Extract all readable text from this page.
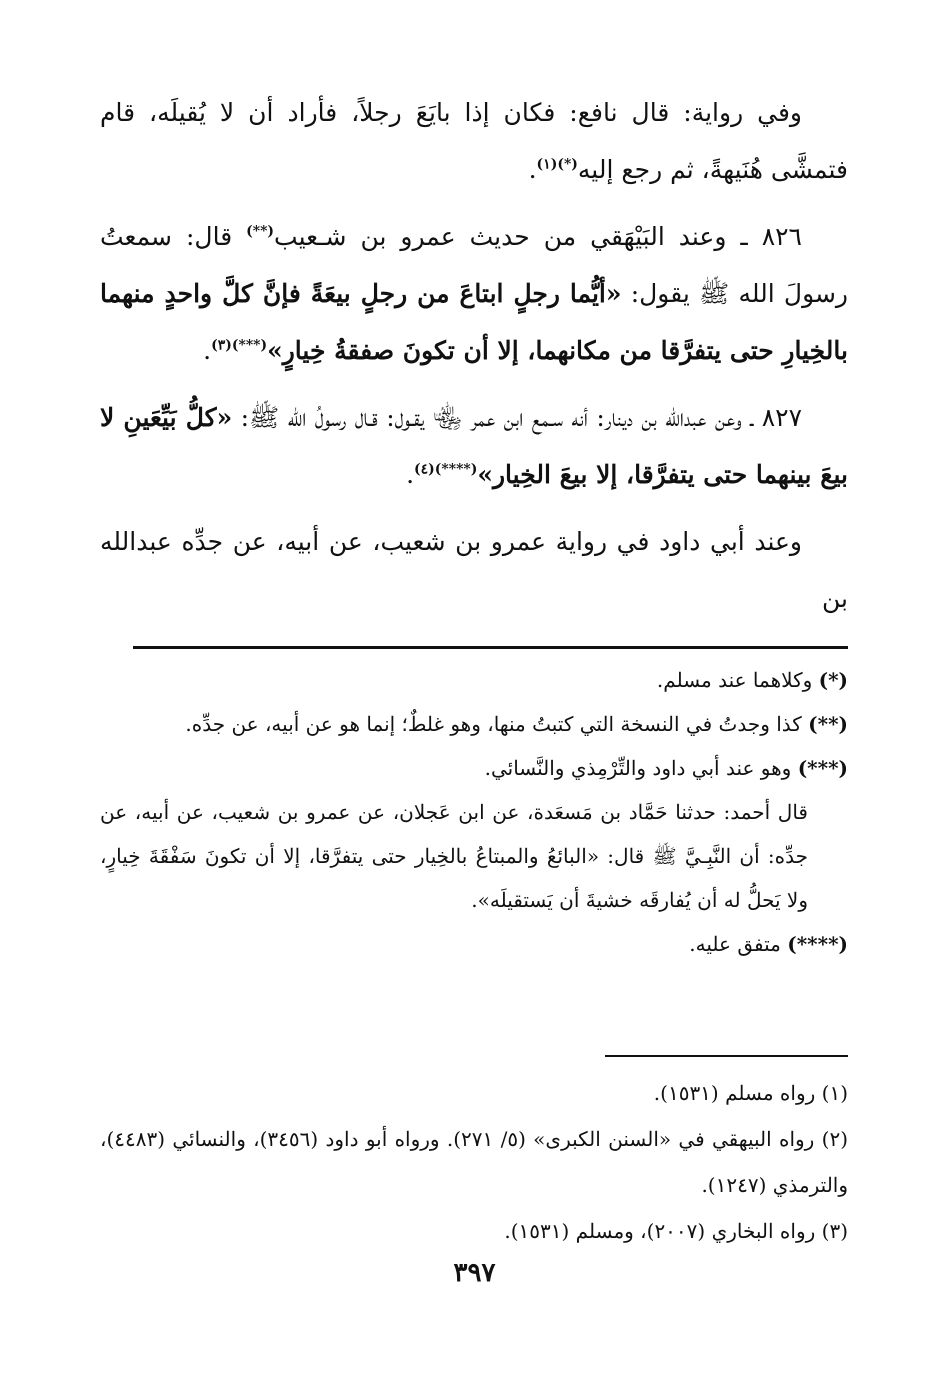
وفي رواية: قال نافع: فكان إذا بايَعَ رجلاً، فأراد أن لا يُقيلَه، قام فتمشَّى هُنَيهةً، ثم رجع إليه$^{(*)(١)}$.

٨٢٦ ـ وعند البَيْهَقي من حديث عمرو بن شـعيب(**) قال: سمعتُ رسولَ الله ﷺ يقول: «أيُّما رجلٍ ابتاعَ من رجلٍ بيعَةً فإنَّ كلَّ واحدٍ منهما بالخِيارِ حتى يتفرَّقا من مكانهما، إلا أن تكونَ صفقةُ خِيارٍ»$^{(***)(٣)}$.

٨٢٧ ـ وعن عبدالله بن دينار: أنه سـمع ابن عمر ﵄ يقـول: قـال رسولُ الله ﷺ: «كلُّ بَيِّعَينِ لا بيعَ بينهما حتى يتفرَّقا، إلا بيعَ الخِيار»$^{(****)(٤)}$.

وعند أبي داود في رواية عمرو بن شعيب، عن أبيه، عن جدِّه عبدالله بن

(*) وكلاهما عند مسلم.

(**) كذا وجدتُ في النسخة التي كتبتُ منها، وهو غلطٌ؛ إنما هو عن أبيه، عن جدِّه.

(***) وهو عند أبي داود والتِّرْمِذي والنَّسائي.

قال أحمد: حدثنا حَمَّاد بن مَسعَدة، عن ابن عَجلان، عن عمرو بن شعيب، عن أبيه، عن جدِّه: أن النَّبِـيَّ ﷺ قال: «البائعُ والمبتاعُ بالخِيار حتى يتفرَّقا، إلا أن تكونَ سَفْقَةَ خِيارٍ، ولا يَحلُّ له أن يُفارقَه خشيةَ أن يَستقيلَه».

(****) متفق عليه.

(١) رواه مسلم (١٥٣١).

(٢) رواه البيهقي في «السنن الكبرى» (٥/ ٢٧١). ورواه أبو داود (٣٤٥٦)، والنسائي (٤٤٨٣)، والترمذي (١٢٤٧).

(٣) رواه البخاري (٢٠٠٧)، ومسلم (١٥٣١).

٣٩٧
